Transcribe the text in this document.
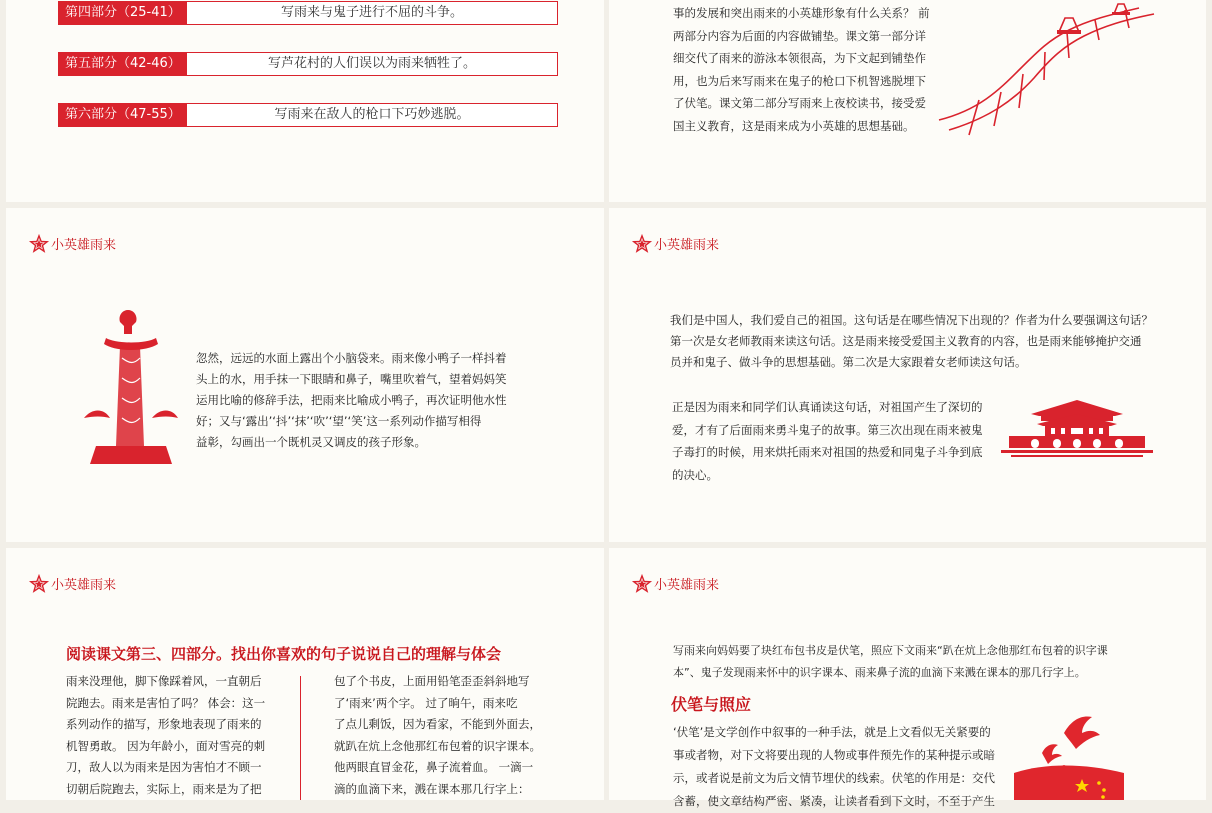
第四部分（25-41）	写雨来与鬼子进行不屈的斗争。
第五部分（42-46）	写芦花村的人们误以为雨来牺牲了。
第六部分（47-55）	写雨来在敌人的枪口下巧妙逃脱。
事的发展和突出雨来的小英雄形象有什么关系？ 前
两部分内容为后面的内容做铺垫。课文第一部分详
细交代了雨来的游泳本领很高，为下文起到铺垫作
用，也为后来写雨来在鬼子的枪口下机智逃脱埋下
了伏笔。课文第二部分写雨来上夜校读书，接受爱
国主义教育，这是雨来成为小英雄的思想基础。
小英雄雨来
忽然，远远的水面上露出个小脑袋来。雨来像小鸭子一样抖着
头上的水，用手抹一下眼睛和鼻子，嘴里吹着气，望着妈妈笑
运用比喻的修辞手法，把雨来比喻成小鸭子，再次证明他水性
好；又与‘露出’‘抖’‘抹’‘吹’‘望’‘笑’这一系列动作描写相得
益彰，勾画出一个既机灵又调皮的孩子形象。
小英雄雨来
我们是中国人，我们爱自己的祖国。这句话是在哪些情况下出现的？作者为什么要强调这句话？
第一次是女老师教雨来读这句话。这是雨来接受爱国主义教育的内容，也是雨来能够掩护交通
员并和鬼子、做斗争的思想基础。第二次是大家跟着女老师读这句话。
正是因为雨来和同学们认真诵读这句话，对祖国产生了深切的
爱，才有了后面雨来勇斗鬼子的故事。第三次出现在雨来被鬼
子毒打的时候，用来烘托雨来对祖国的热爱和同鬼子斗争到底
的决心。
小英雄雨来
阅读课文第三、四部分。找出你喜欢的句子说说自己的理解与体会
雨来没理他，脚下像踩着风，一直朝后
院跑去。雨来是害怕了吗？ 体会：这一
系列动作的描写，形象地表现了雨来的
机智勇敢。 因为年龄小，面对雪亮的刺
刀，敌人以为雨来是因为害怕才不顾一
切朝后院跑去，实际上，雨来是为了把
包了个书皮，上面用铅笔歪歪斜斜地写
了‘雨来’两个字。 过了晌午，雨来吃
了点儿剩饭，因为看家，不能到外面去，
就趴在炕上念他那红布包着的识字课本。
他两眼直冒金花，鼻子流着血。 一滴一
滴的血滴下来，溅在课本那几行字上：
小英雄雨来
写雨来向妈妈要了块红布包书皮是伏笔，照应下文雨来“趴在炕上念他那红布包着的识字课
本”、鬼子发现雨来怀中的识字课本、雨来鼻子流的血滴下来溅在课本的那几行字上。
伏笔与照应
‘伏笔’是文学创作中叙事的一种手法，就是上文看似无关紧要的
事或者物，对下文将要出现的人物或事件预先作的某种提示或暗
示，或者说是前文为后文情节埋伏的线索。伏笔的作用是：交代
含蓄，使文章结构严密、紧凑，让读者看到下文时，不至于产生
